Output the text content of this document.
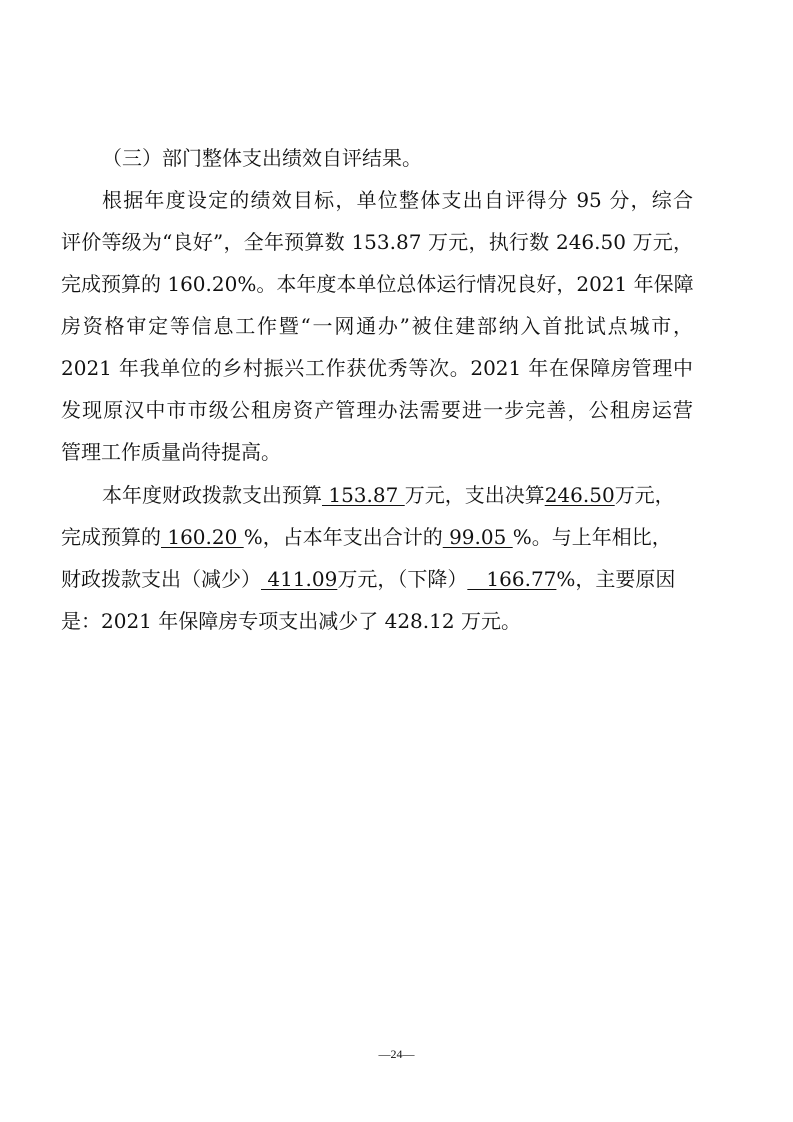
（三）部门整体支出绩效自评结果。
根据年度设定的绩效目标，单位整体支出自评得分 95 分，综合
评价等级为“良好”，全年预算数 153.87 万元，执行数 246.50 万元，
完成预算的 160.20%。本年度本单位总体运行情况良好，2021 年保障
房资格审定等信息工作暨“一网通办”被住建部纳入首批试点城市，
2021 年我单位的乡村振兴工作获优秀等次。2021 年在保障房管理中
发现原汉中市市级公租房资产管理办法需要进一步完善，公租房运营
管理工作质量尚待提高。
本年度财政拨款支出预算 153.87 万元，支出决算246.50万元，
完成预算的 160.20 %，占本年支出合计的 99.05 %。与上年相比，
财政拨款支出（减少） 411.09万元，（下降）   166.77%，主要原因
是：2021 年保障房专项支出减少了 428.12 万元。
—24—
